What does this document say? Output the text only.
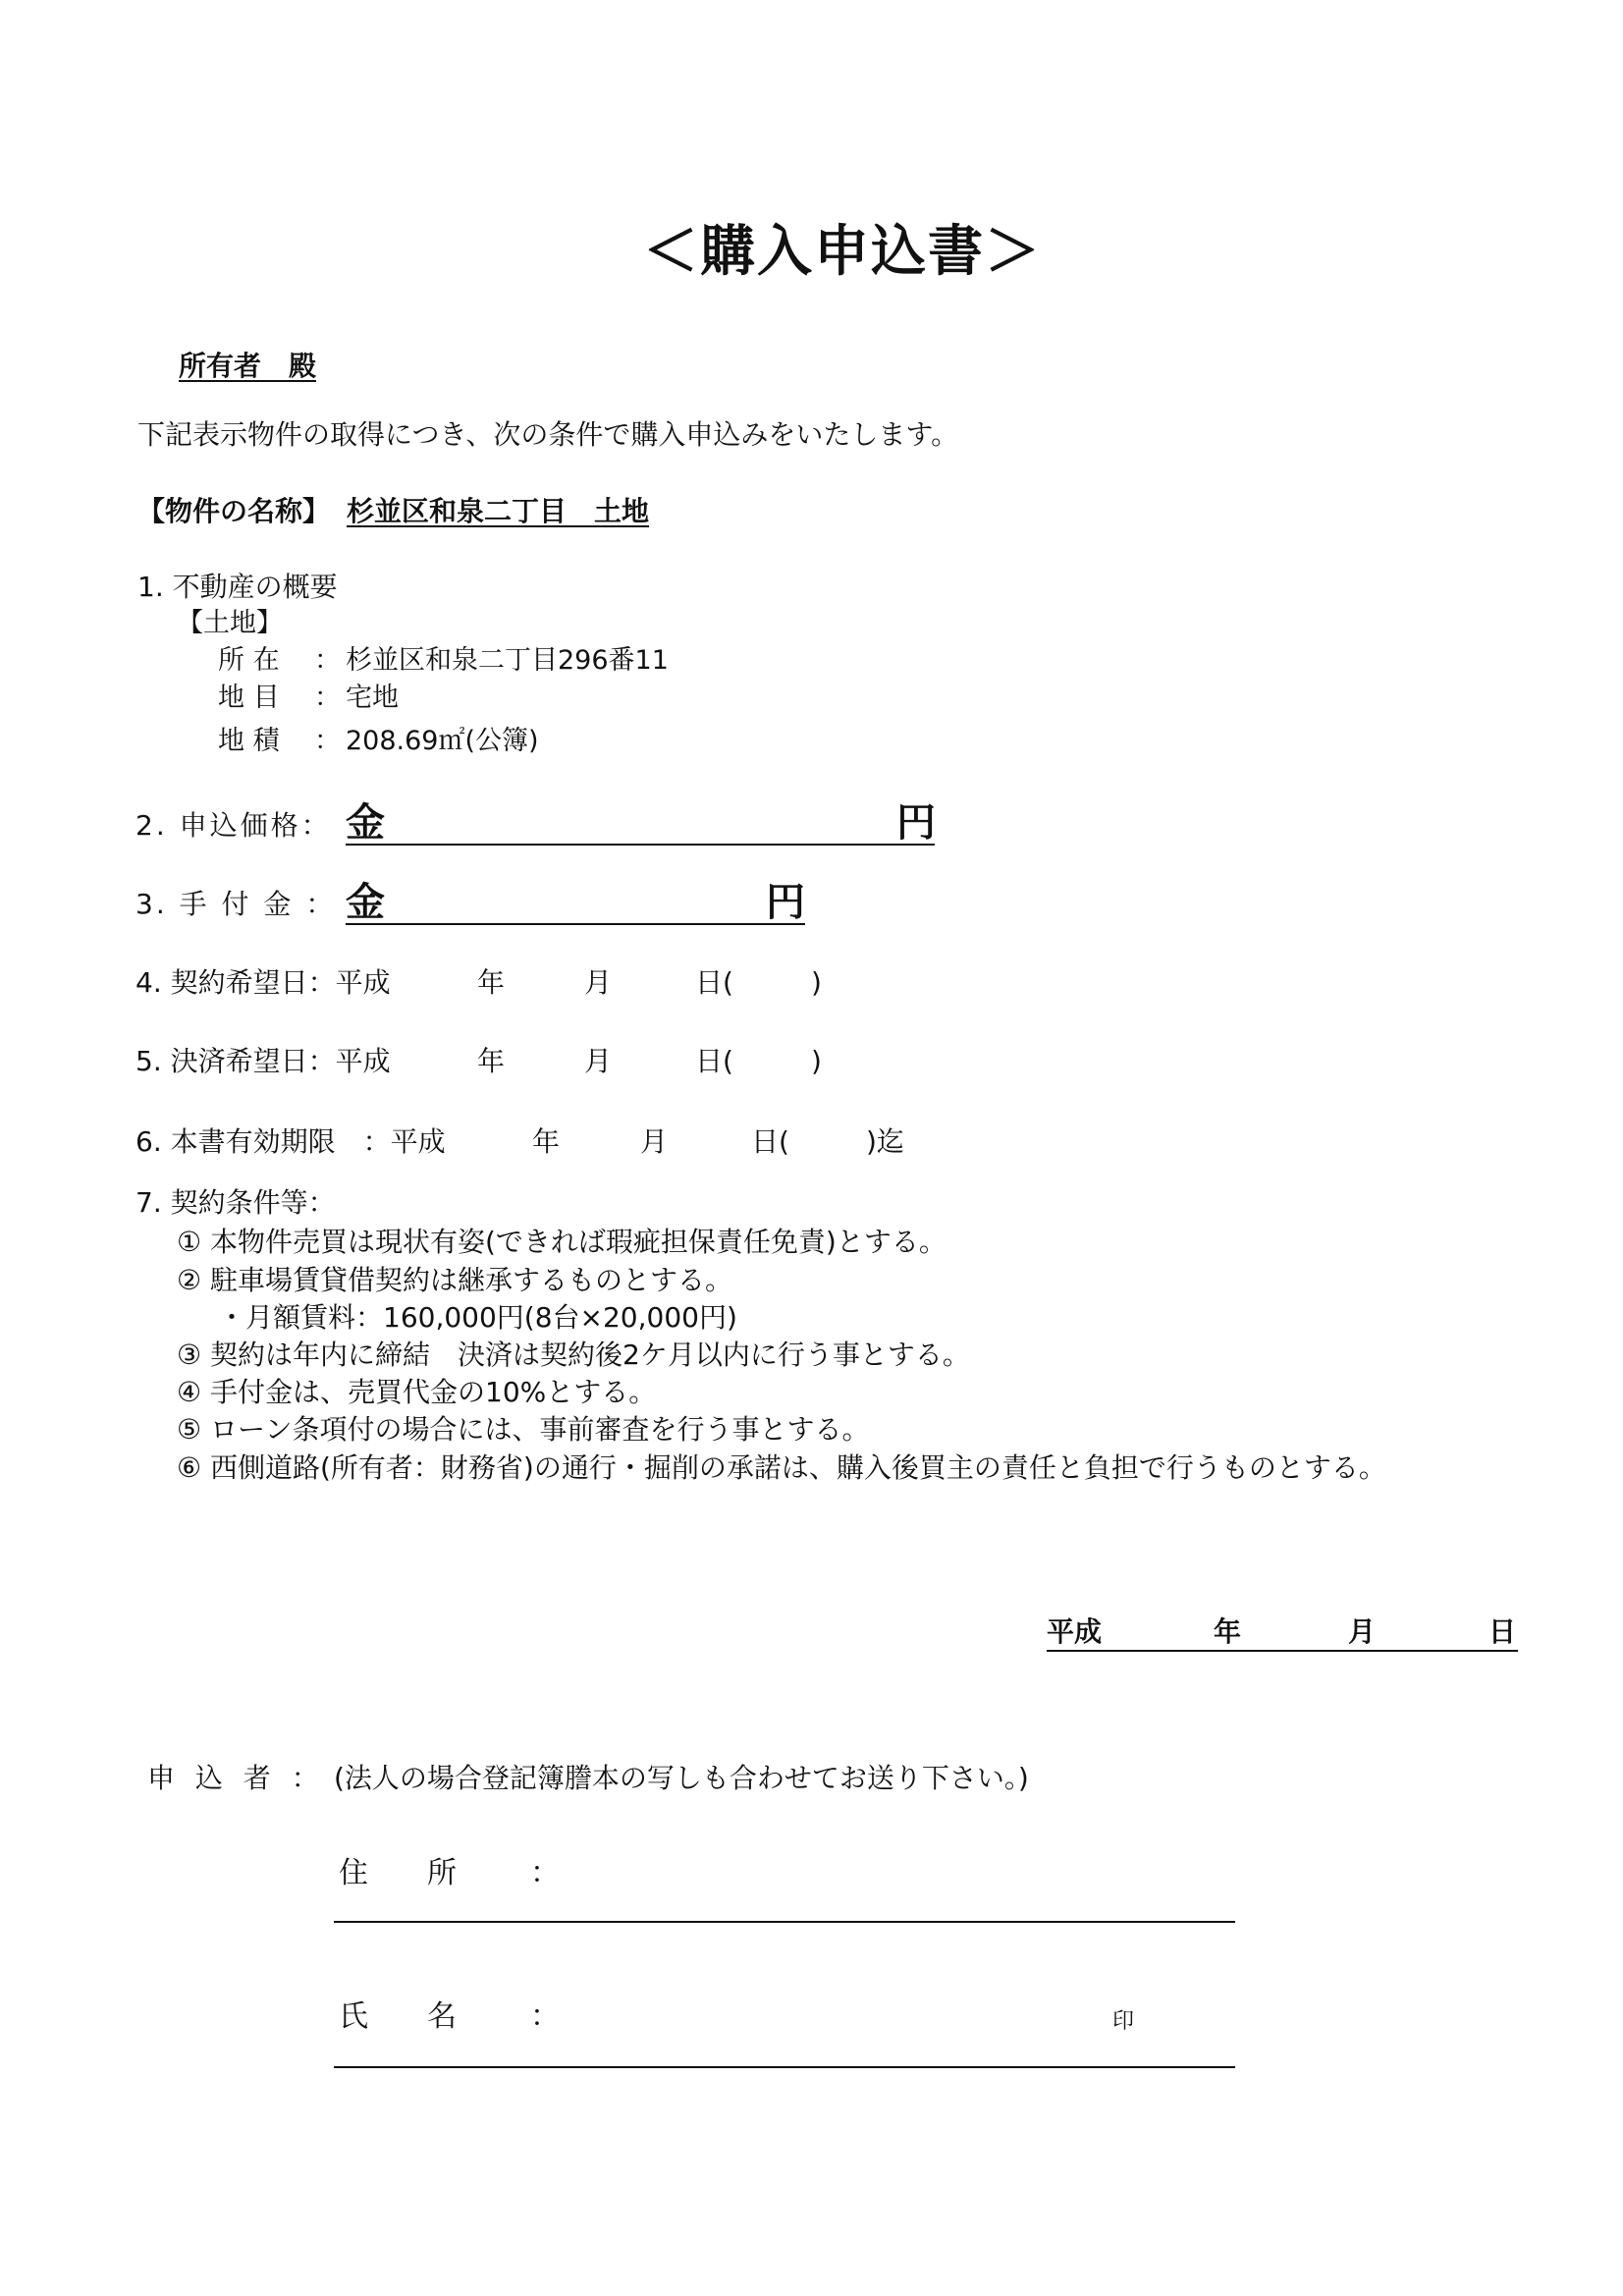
＜購入申込書＞
所有者　殿
下記表示物件の取得につき、次の条件で購入申込みをいたします。
【物件の名称】 杉並区和泉二丁目　土地
1. 不動産の概要
【土地】
所 在 ： 杉並区和泉二丁目296番11
地 目 ： 宅地
地 積 ： 208.69㎡(公簿)
2. 申込価格： 金	円
3. 手 付 金 ： 金	円
4. 契約希望日：平成	年	月	日(	)
5. 決済希望日：平成	年	月	日(	)
6. 本書有効期限　：平成	年	月	日(	)迄
7. 契約条件等：
① 本物件売買は現状有姿(できれば瑕疵担保責任免責)とする。
② 駐車場賃貸借契約は継承するものとする。
・月額賃料：160,000円(8台×20,000円)
③ 契約は年内に締結　決済は契約後2ケ月以内に行う事とする。
④ 手付金は、売買代金の10%とする。
⑤ ローン条項付の場合には、事前審査を行う事とする。
⑥ 西側道路(所有者：財務省)の通行・掘削の承諾は、購入後買主の責任と負担で行うものとする。
平成	年	月	日
申 込 者 ： (法人の場合登記簿謄本の写しも合わせてお送り下さい。)
住　　所	：
氏　　名	：	印
